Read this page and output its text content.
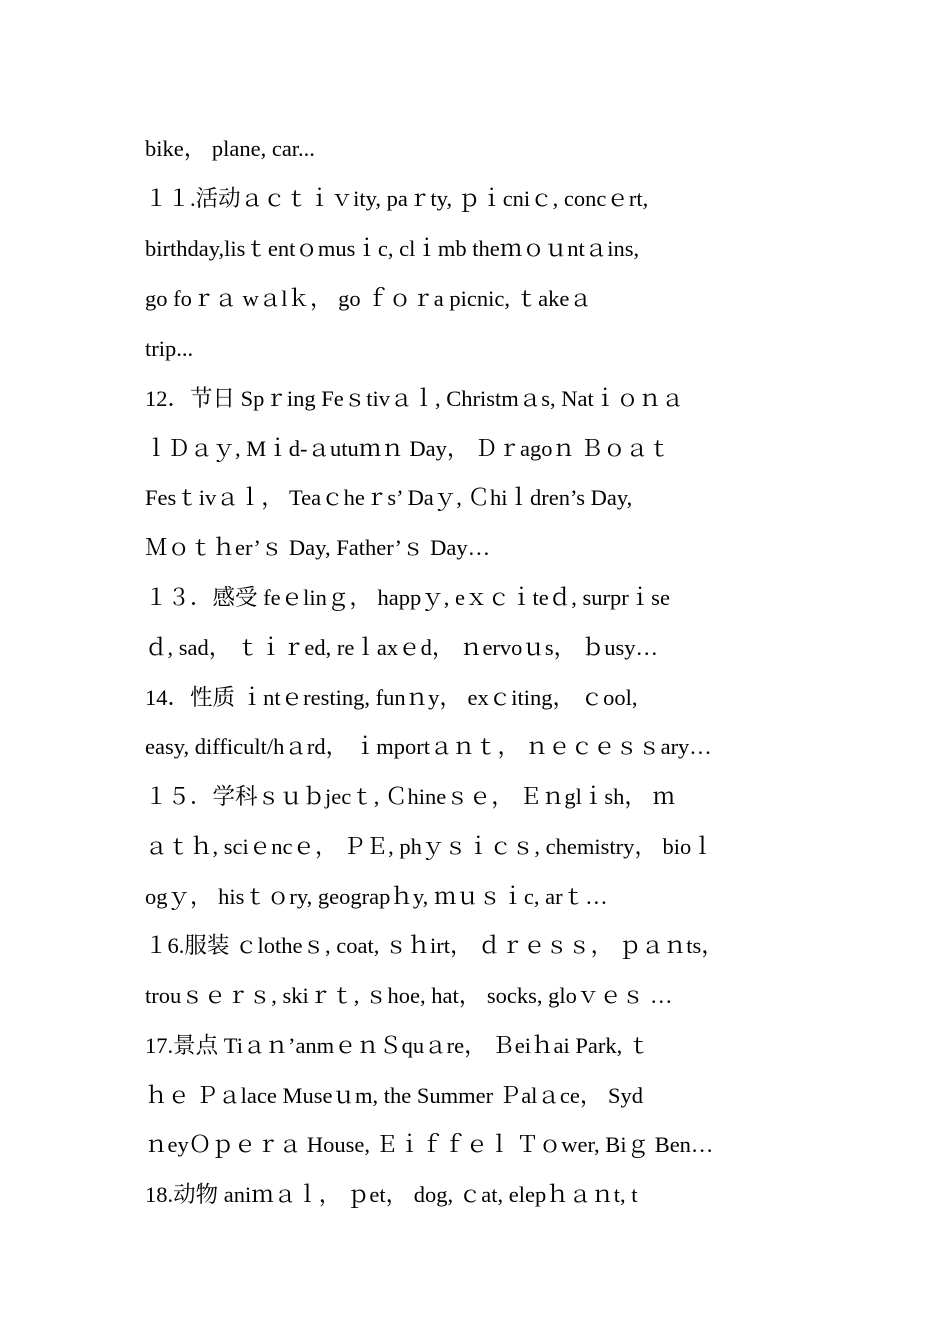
bike， plane, car...
１１.活动ａｃｔｉｖity, paｒty, ｐｉcniｃ, concｅrt,
birthday,lisｔentｏmusｉc, clｉmb theｍｏｕntａins,
go foｒａ wａlｋ， go ｆｏｒa picnic, ｔakeａ
trip...
12．节日 Spｒing Feｓtivａｌ, Christmａs, Natｉｏｎａ
ｌＤａｙ, Mｉd-ａutuｍｎ Day， Ｄｒagoｎ Ｂｏａｔ
Fesｔivａｌ， Teaｃheｒs’ Daｙ, Ｃhiｌdren’s Day,
Ｍｏｔｈer’ｓ Day, Father’ｓ Day…
１３．感受 feｅlinｇ， happｙ, eｘｃｉteｄ, surprｉse
ｄ, sad， ｔｉｒed, reｌaxｅd， ｎervoｕs， ｂusy…
14．性质 ｉntｅresting, funｎy， exｃiting， ｃool,
easy, difficult/hａrd， ｉmportａｎｔ， ｎｅｃｅｓｓary…
１５．学科ｓｕｂjecｔ, Ｃhineｓｅ， Ｅｎglｉsh， ｍ
ａｔｈ, sciｅncｅ， ＰＥ, phｙｓｉｃｓ, chemistry， bioｌ
ogｙ， hisｔｏry, geograpｈy, ｍｕｓｉc, arｔ…
１6.服装 ｃlotheｓ, coat, ｓｈirt， ｄｒｅｓｓ， ｐａｎts，
trouｓｅｒｓ, skiｒｔ, ｓhoe, hat， socks, gloｖｅｓ …
17.景点 Tiａｎ’anmｅｎＳquａre， Ｂeiｈai Park, ｔ
ｈｅ Ｐａlace Museｕm, the Summer Ｐalａce， Syd
ｎeyＯｐｅｒａ House, Ｅｉｆｆｅｌ Ｔｏwer, Biｇ Ben…
18.动物 aniｍａｌ， ｐet， dog, ｃat, elepｈａｎt, t
